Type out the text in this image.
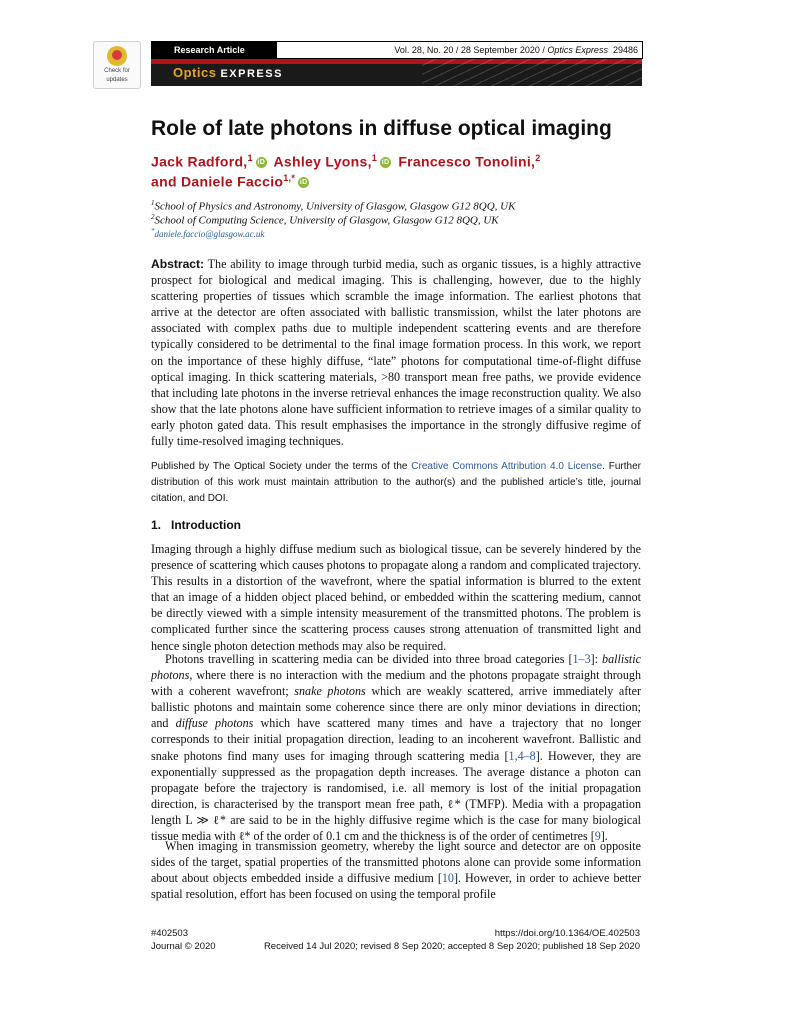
Check for
updates
Research Article	Vol. 28, No. 20 / 28 September 2020 / Optics Express 29486
Optics EXPRESS
Role of late photons in diffuse optical imaging
Jack Radford,$^1$ iD Ashley Lyons,$^1$ iD Francesco Tonolini,$^2$
and Daniele Faccio$^{1,*}$ iD
$^1$School of Physics and Astronomy, University of Glasgow, Glasgow G12 8QQ, UK
$^2$School of Computing Science, University of Glasgow, Glasgow G12 8QQ, UK
*daniele.faccio@glasgow.ac.uk
Abstract: The ability to image through turbid media, such as organic tissues, is a highly attractive prospect for biological and medical imaging. This is challenging, however, due to the highly scattering properties of tissues which scramble the image information. The earliest photons that arrive at the detector are often associated with ballistic transmission, whilst the later photons are associated with complex paths due to multiple independent scattering events and are therefore typically considered to be detrimental to the final image formation process. In this work, we report on the importance of these highly diffuse, “late” photons for computational time-of-flight diffuse optical imaging. In thick scattering materials, >80 transport mean free paths, we provide evidence that including late photons in the inverse retrieval enhances the image reconstruction quality. We also show that the late photons alone have sufficient information to retrieve images of a similar quality to early photon gated data. This result emphasises the importance in the strongly diffusive regime of fully time-resolved imaging techniques.
Published by The Optical Society under the terms of the Creative Commons Attribution 4.0 License. Further distribution of this work must maintain attribution to the author(s) and the published article’s title, journal citation, and DOI.
1.   Introduction
Imaging through a highly diffuse medium such as biological tissue, can be severely hindered by the presence of scattering which causes photons to propagate along a random and complicated trajectory. This results in a distortion of the wavefront, where the spatial information is blurred to the extent that an image of a hidden object placed behind, or embedded within the scattering medium, cannot be directly viewed with a simple intensity measurement of the transmitted photons. The problem is complicated further since the scattering process causes strong attenuation of transmitted light and hence single photon detection methods may also be required.
Photons travelling in scattering media can be divided into three broad categories [1–3]: ballistic photons, where there is no interaction with the medium and the photons propagate straight through with a coherent wavefront; snake photons which are weakly scattered, arrive immediately after ballistic photons and maintain some coherence since there are only minor deviations in direction; and diffuse photons which have scattered many times and have a trajectory that no longer corresponds to their initial propagation direction, leading to an incoherent wavefront. Ballistic and snake photons find many uses for imaging through scattering media [1,4–8]. However, they are exponentially suppressed as the propagation depth increases. The average distance a photon can propagate before the trajectory is randomised, i.e. all memory is lost of the initial propagation direction, is characterised by the transport mean free path, ℓ* (TMFP). Media with a propagation length L ≫ ℓ* are said to be in the highly diffusive regime which is the case for many biological tissue media with ℓ* of the order of 0.1 cm and the thickness is of the order of centimetres [9].
When imaging in transmission geometry, whereby the light source and detector are on opposite sides of the target, spatial properties of the transmitted photons alone can provide some information about about objects embedded inside a diffusive medium [10]. However, in order to achieve better spatial resolution, effort has been focused on using the temporal profile
#402503
Journal © 2020
https://doi.org/10.1364/OE.402503
Received 14 Jul 2020; revised 8 Sep 2020; accepted 8 Sep 2020; published 18 Sep 2020
